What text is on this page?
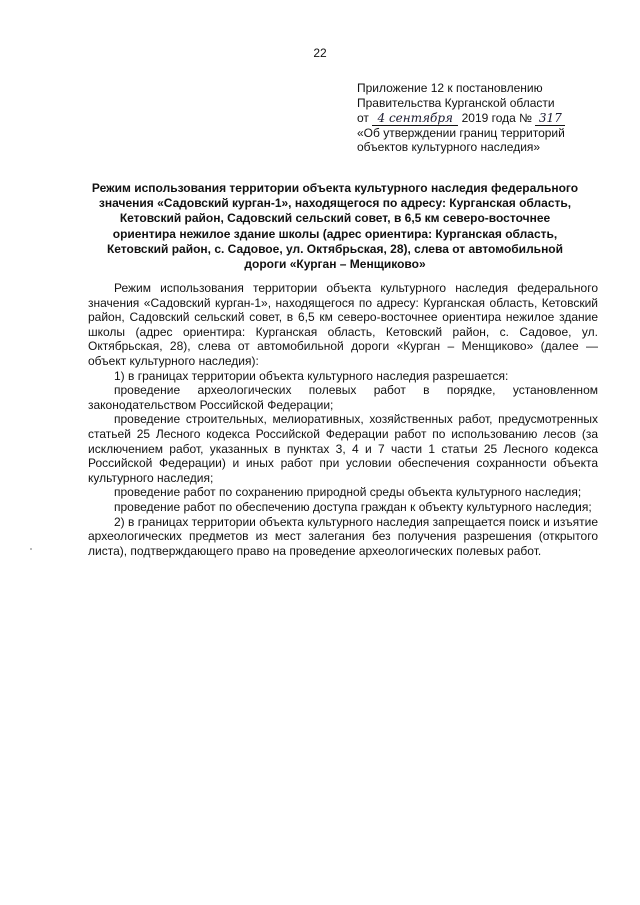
22
Приложение 12 к постановлению
Правительства Курганской области
от 4 сентября 2019 года № 317
«Об утверждении границ территорий
объектов культурного наследия»
Режим использования территории объекта культурного наследия федерального значения «Садовский курган-1», находящегося по адресу: Курганская область, Кетовский район, Садовский сельский совет, в 6,5 км северо-восточнее ориентира нежилое здание школы (адрес ориентира: Курганская область, Кетовский район, с. Садовое, ул. Октябрьская, 28), слева от автомобильной дороги «Курган – Менщиково»

Режим использования территории объекта культурного наследия федерального значения «Садовский курган-1», находящегося по адресу: Курганская область, Кетовский район, Садовский сельский совет, в 6,5 км северо-восточнее ориентира нежилое здание школы (адрес ориентира: Курганская область, Кетовский район, с. Садовое, ул. Октябрьская, 28), слева от автомобильной дороги «Курган – Менщиково» (далее — объект культурного наследия):

1) в границах территории объекта культурного наследия разрешается:

проведение археологических полевых работ в порядке, установленном законодательством Российской Федерации;

проведение строительных, мелиоративных, хозяйственных работ, предусмотренных статьей 25 Лесного кодекса Российской Федерации работ по использованию лесов (за исключением работ, указанных в пунктах 3, 4 и 7 части 1 статьи 25 Лесного кодекса Российской Федерации) и иных работ при условии обеспечения сохранности объекта культурного наследия;

проведение работ по сохранению природной среды объекта культурного наследия;

проведение работ по обеспечению доступа граждан к объекту культурного наследия;

2) в границах территории объекта культурного наследия запрещается поиск и изъятие археологических предметов из мест залегания без получения разрешения (открытого листа), подтверждающего право на проведение археологических полевых работ.
